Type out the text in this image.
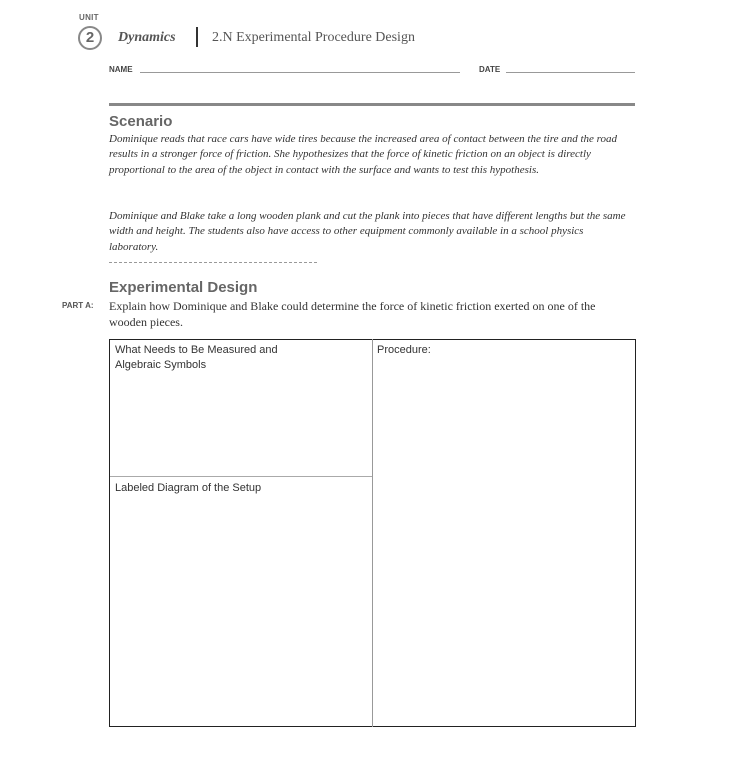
UNIT
2	Dynamics	2.N Experimental Procedure Design
NAME	DATE
Scenario
Dominique reads that race cars have wide tires because the increased area of contact between the tire and the road results in a stronger force of friction. She hypothesizes that the force of kinetic friction on an object is directly proportional to the area of the object in contact with the surface and wants to test this hypothesis.
Dominique and Blake take a long wooden plank and cut the plank into pieces that have different lengths but the same width and height. The students also have access to other equipment commonly available in a school physics laboratory.
Experimental Design
PART A: Explain how Dominique and Blake could determine the force of kinetic friction exerted on one of the wooden pieces.
What Needs to Be Measured and Algebraic Symbols
Procedure:
Labeled Diagram of the Setup
